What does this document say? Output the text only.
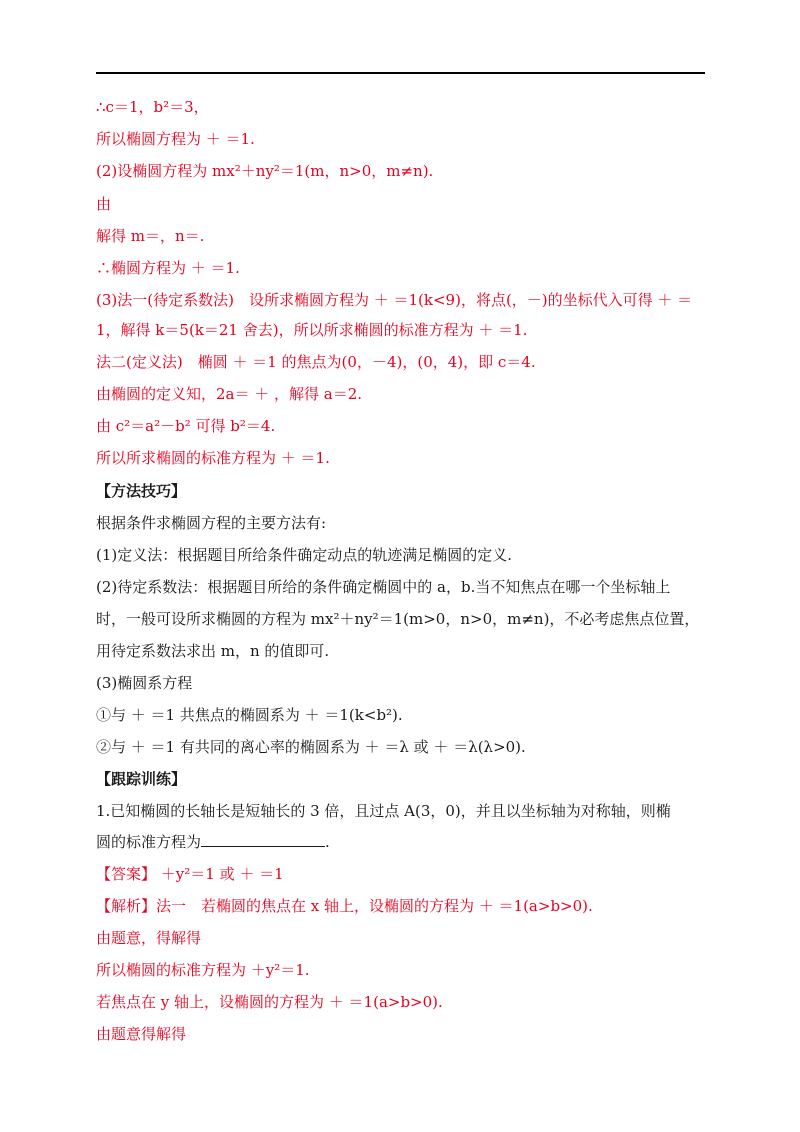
∴c＝1，b²＝3，
所以椭圆方程为 ＋ ＝1.
(2)设椭圆方程为 mx²＋ny²＝1(m，n>0，m≠n).
由
解得 m＝，n＝.
∴椭圆方程为 ＋ ＝1.
(3)法一(待定系数法)　设所求椭圆方程为 ＋ ＝1(k<9)，将点(，－)的坐标代入可得 ＋ ＝
1，解得 k＝5(k＝21 舍去)，所以所求椭圆的标准方程为 ＋ ＝1.
法二(定义法)　椭圆 ＋ ＝1 的焦点为(0，－4)，(0，4)，即 c＝4.
由椭圆的定义知，2a＝ ＋ ，解得 a＝2.
由 c²＝a²－b² 可得 b²＝4.
所以所求椭圆的标准方程为 ＋ ＝1.
【方法技巧】
根据条件求椭圆方程的主要方法有:
(1)定义法：根据题目所给条件确定动点的轨迹满足椭圆的定义.
(2)待定系数法：根据题目所给的条件确定椭圆中的 a，b.当不知焦点在哪一个坐标轴上
时，一般可设所求椭圆的方程为 mx²＋ny²＝1(m>0，n>0，m≠n)，不必考虑焦点位置，
用待定系数法求出 m，n 的值即可.
(3)椭圆系方程
①与 ＋ ＝1 共焦点的椭圆系为 ＋ ＝1(k<b²).
②与 ＋ ＝1 有共同的离心率的椭圆系为 ＋ ＝λ 或 ＋ ＝λ(λ>0).
【跟踪训练】
1.已知椭圆的长轴长是短轴长的 3 倍，且过点 A(3，0)，并且以坐标轴为对称轴，则椭
圆的标准方程为	.
【答案】 ＋y²＝1 或 ＋ ＝1
【解析】法一　若椭圆的焦点在 x 轴上，设椭圆的方程为 ＋ ＝1(a>b>0).
由题意，得解得
所以椭圆的标准方程为 ＋y²＝1.
若焦点在 y 轴上，设椭圆的方程为 ＋ ＝1(a>b>0).
由题意得解得
